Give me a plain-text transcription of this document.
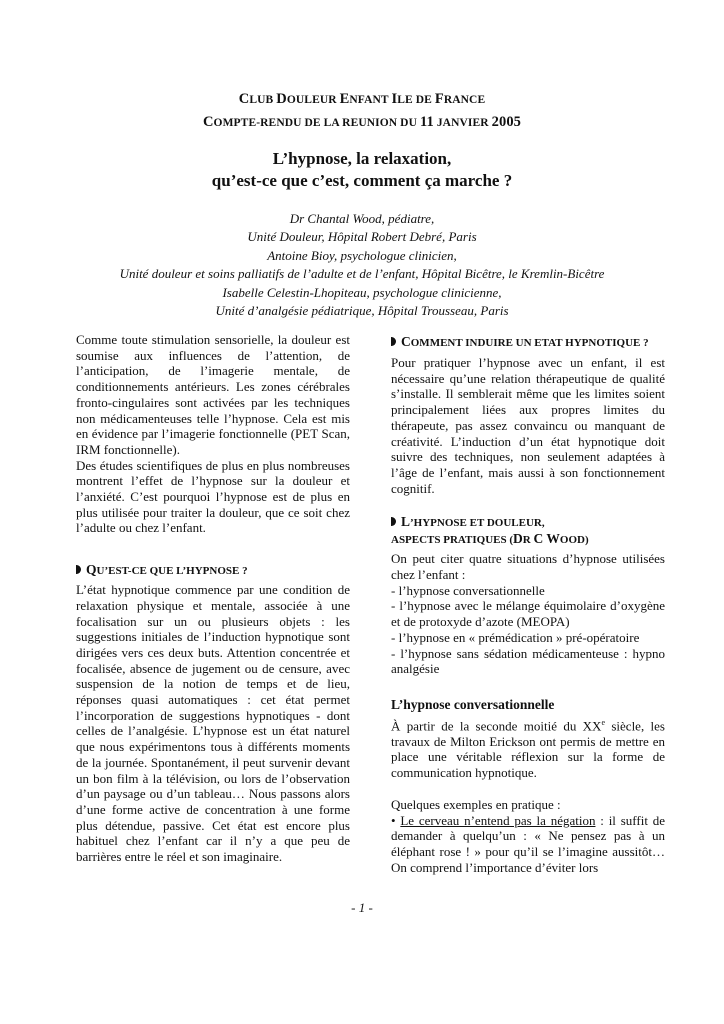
CLUB DOULEUR ENFANT ILE DE FRANCE
COMPTE-RENDU DE LA REUNION DU 11 JANVIER 2005
L’hypnose, la relaxation,
qu’est-ce que c’est, comment ça marche ?
Dr Chantal Wood, pédiatre,
Unité Douleur, Hôpital Robert Debré, Paris
Antoine Bioy, psychologue clinicien,
Unité douleur et soins palliatifs de l’adulte et de l’enfant, Hôpital Bicêtre, le Kremlin-Bicêtre
Isabelle Celestin-Lhopiteau, psychologue clinicienne,
Unité d’analgésie pédiatrique, Hôpital Trousseau, Paris

Comme toute stimulation sensorielle, la douleur est soumise aux influences de l’attention, de l’anticipation, de l’imagerie mentale, de conditionnements antérieurs. Les zones cérébrales fronto-cingulaires sont activées par les techniques non médicamenteuses telle l’hypnose. Cela est mis en évidence par l’imagerie fonctionnelle (PET Scan, IRM fonctionnelle).

Des études scientifiques de plus en plus nombreuses montrent l’effet de l’hypnose sur la douleur et l’anxiété. C’est pourquoi l’hypnose est de plus en plus utilisée pour traiter la douleur, que ce soit chez l’adulte ou chez l’enfant.

QU’EST-CE QUE L’HYPNOSE ?

L’état hypnotique commence par une condition de relaxation physique et mentale, associée à une focalisation sur un ou plusieurs objets : les suggestions initiales de l’induction hypnotique sont dirigées vers ces deux buts. Attention concentrée et focalisée, absence de jugement ou de censure, avec suspension de la notion de temps et de lieu, réponses quasi automatiques : cet état permet l’incorporation de suggestions hypnotiques - dont celles de l’analgésie. L’hypnose est un état naturel que nous expérimentons tous à différents moments de la journée. Spontanément, il peut survenir devant un bon film à la télévision, ou lors de l’observation d’un paysage ou d’un tableau… Nous passons alors d’une forme active de concentration à une forme plus détendue, passive. Cet état est encore plus habituel chez l’enfant car il n’y a que peu de barrières entre le réel et son imaginaire.

COMMENT INDUIRE UN ETAT HYPNOTIQUE ?

Pour pratiquer l’hypnose avec un enfant, il est nécessaire qu’une relation thérapeutique de qualité s’installe. Il semblerait même que les limites soient principalement liées aux propres limites du thérapeute, pas assez convaincu ou manquant de créativité. L’induction d’un état hypnotique doit suivre des techniques, non seulement adaptées à l’âge de l’enfant, mais aussi à son fonctionnement cognitif.

L’HYPNOSE ET DOULEUR,
ASPECTS PRATIQUES (DR C WOOD)

On peut citer quatre situations d’hypnose utilisées chez l’enfant :

- l’hypnose conversationnelle

- l’hypnose avec le mélange équimolaire d’oxygène et de protoxyde d’azote (MEOPA)

- l’hypnose en « prémédication » pré-opératoire

- l’hypnose sans sédation médicamenteuse : hypno analgésie

L’hypnose conversationnelle

À partir de la seconde moitié du XXe siècle, les travaux de Milton Erickson ont permis de mettre en place une véritable réflexion sur la forme de communication hypnotique.

Quelques exemples en pratique :

• Le cerveau n’entend pas la négation : il suffit de demander à quelqu’un : « Ne pensez pas à un éléphant rose ! » pour qu’il se l’imagine aussitôt… On comprend l’importance d’éviter lors

- 1 -
